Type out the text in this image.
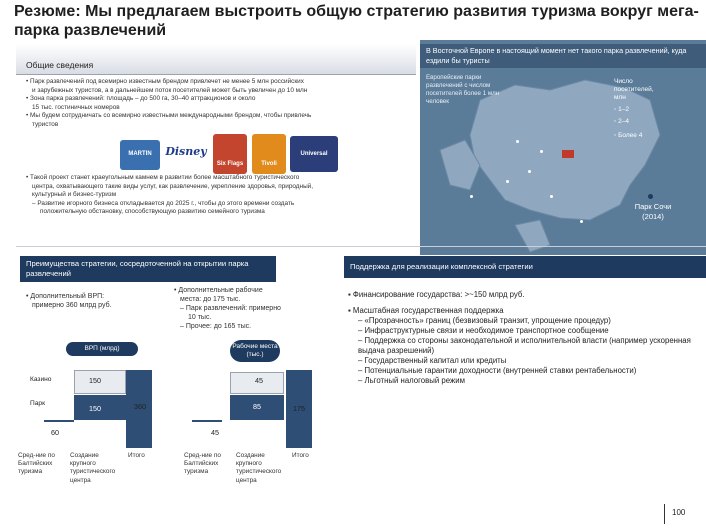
Резюме: Мы предлагаем выстроить общую стратегию развития туризма вокруг мега-парка развлечений
Общие сведения
• Парк развлечений под всемирно известным брендом привлечет не менее 5 млн российских
и зарубежных туристов, а в дальнейшем поток посетителей может быть увеличен до 10 млн
• Зона парка развлечений: площадь – до 500 га, 30–40 аттракционов и около
15 тыс. гостиничных номеров
• Мы будем сотрудничать со всемирно известными международными брендом, чтобы привлечь
туристов
MARTIN	Disney
Six Flags	Tivoli
Universal
• Такой проект станет краеугольным камнем в развитии более масштабного туристического
центра, охватывающего такие виды услуг, как развлечение, укрепление здоровья, природный,
культурный и бизнес-туризм
– Развитие игорного бизнеса откладывается до 2025 г., чтобы до этого времени создать
положительную обстановку, способствующую развитию семейного туризма
В Восточной Европе в настоящий момент нет такого парка развлечений, куда ездили бы туристы
Европейские парки развлечений с числом посетителей более 1 млн человек
Число
посетителей,
млн
◦ 1–2
◦ 2–4
◦ Более 4
Парк Сочи
(2014)
Преимущества стратегии, сосредоточенной на открытии парка развлечений
• Дополнительный ВРП:
примерно 360 млрд руб.
• Дополнительные рабочие
места: до 175 тыс.
– Парк развлечений: примерно
10 тыс.
– Прочее: до 165 тыс.
ВРП (млрд)	Рабочие места (тыс.)
Казино
Парк
60
150
150	360
Сред-ние по Балтийских туризма
Создание крупного туристического центра
Итого
45
45
85	175
Сред-ние по Балтийских туризма
Создание крупного туристического центра
Итого
Поддержка для реализации комплексной стратегии
▪ Финансирование государства: >~150 млрд руб.
▪ Масштабная государственная поддержка
– «Прозрачность» границ (безвизовый транзит, упрощение процедур)
– Инфраструктурные связи и необходимое транспортное сообщение
– Поддержка со стороны законодательной и исполнительной власти (например ускоренная выдача разрешений)
– Государственный капитал или кредиты
– Потенциальные гарантии доходности (внутренней ставки рентабельности)
– Льготный налоговый режим
100
